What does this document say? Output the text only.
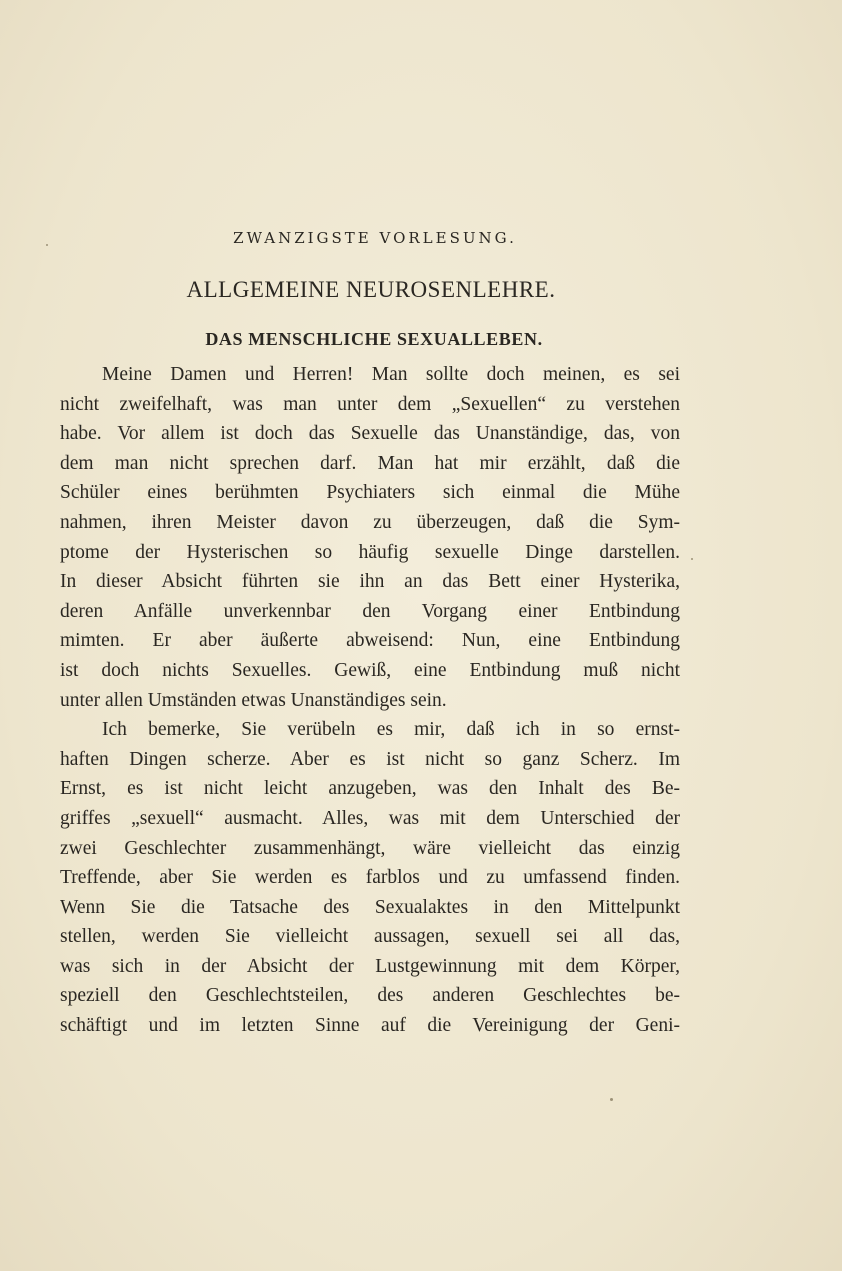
ZWANZIGSTE VORLESUNG.

ALLGEMEINE NEUROSENLEHRE.
DAS MENSCHLICHE SEXUALLEBEN.
Meine Damen und Herren! Man sollte doch meinen, es sei
nicht zweifelhaft, was man unter dem „Sexuellen“ zu verstehen
habe. Vor allem ist doch das Sexuelle das Unanständige, das, von
dem man nicht sprechen darf. Man hat mir erzählt, daß die
Schüler eines berühmten Psychiaters sich einmal die Mühe
nahmen, ihren Meister davon zu überzeugen, daß die Sym-
ptome der Hysterischen so häufig sexuelle Dinge darstellen.
In dieser Absicht führten sie ihn an das Bett einer Hysterika,
deren Anfälle unverkennbar den Vorgang einer Entbindung
mimten. Er aber äußerte abweisend: Nun, eine Entbindung
ist doch nichts Sexuelles. Gewiß, eine Entbindung muß nicht
unter allen Umständen etwas Unanständiges sein.
Ich bemerke, Sie verübeln es mir, daß ich in so ernst-
haften Dingen scherze. Aber es ist nicht so ganz Scherz. Im
Ernst, es ist nicht leicht anzugeben, was den Inhalt des Be-
griffes „sexuell“ ausmacht. Alles, was mit dem Unterschied der
zwei Geschlechter zusammenhängt, wäre vielleicht das einzig
Treffende, aber Sie werden es farblos und zu umfassend finden.
Wenn Sie die Tatsache des Sexualaktes in den Mittelpunkt
stellen, werden Sie vielleicht aussagen, sexuell sei all das,
was sich in der Absicht der Lustgewinnung mit dem Körper,
speziell den Geschlechtsteilen, des anderen Geschlechtes be-
schäftigt und im letzten Sinne auf die Vereinigung der Geni-
